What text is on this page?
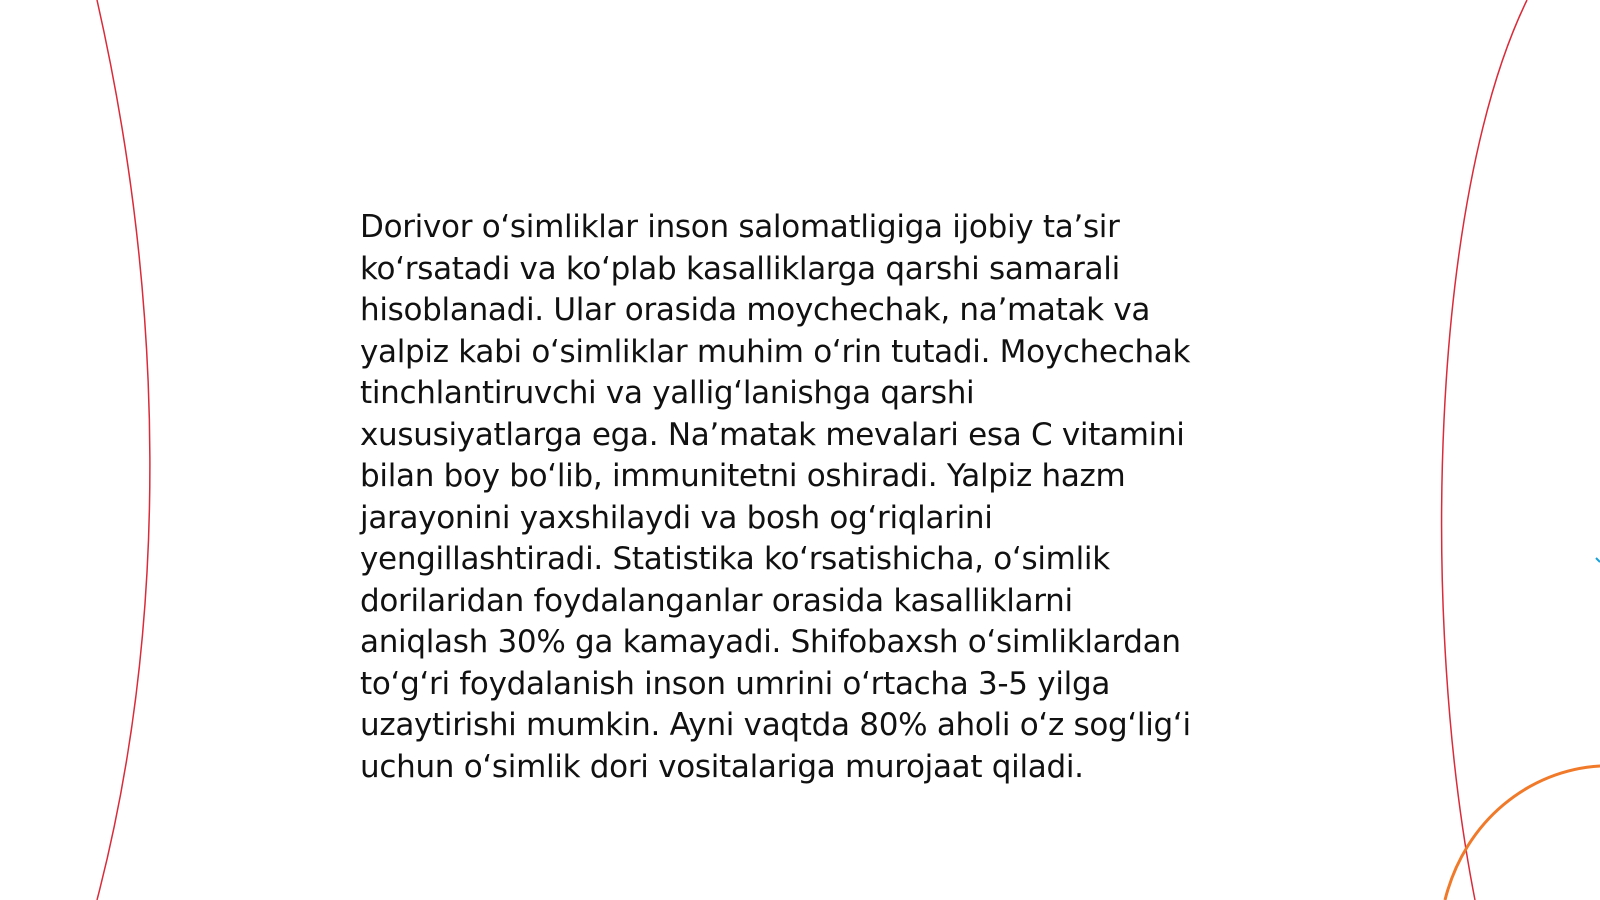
Dorivor oʻsimliklar inson salomatligiga ijobiy taʼsir
koʻrsatadi va koʻplab kasalliklarga qarshi samarali
hisoblanadi. Ular orasida moychechak, naʼmatak va
yalpiz kabi oʻsimliklar muhim oʻrin tutadi. Moychechak
tinchlantiruvchi va yalligʻlanishga qarshi
xususiyatlarga ega. Naʼmatak mevalari esa C vitamini
bilan boy boʻlib, immunitetni oshiradi. Yalpiz hazm
jarayonini yaxshilaydi va bosh ogʻriqlarini
yengillashtiradi. Statistika koʻrsatishicha, oʻsimlik
dorilaridan foydalanganlar orasida kasalliklarni
aniqlash 30% ga kamayadi. Shifobaxsh oʻsimliklardan
toʻgʻri foydalanish inson umrini oʻrtacha 3-5 yilga
uzaytirishi mumkin. Ayni vaqtda 80% aholi oʻz sogʻligʻi
uchun oʻsimlik dori vositalariga murojaat qiladi.
